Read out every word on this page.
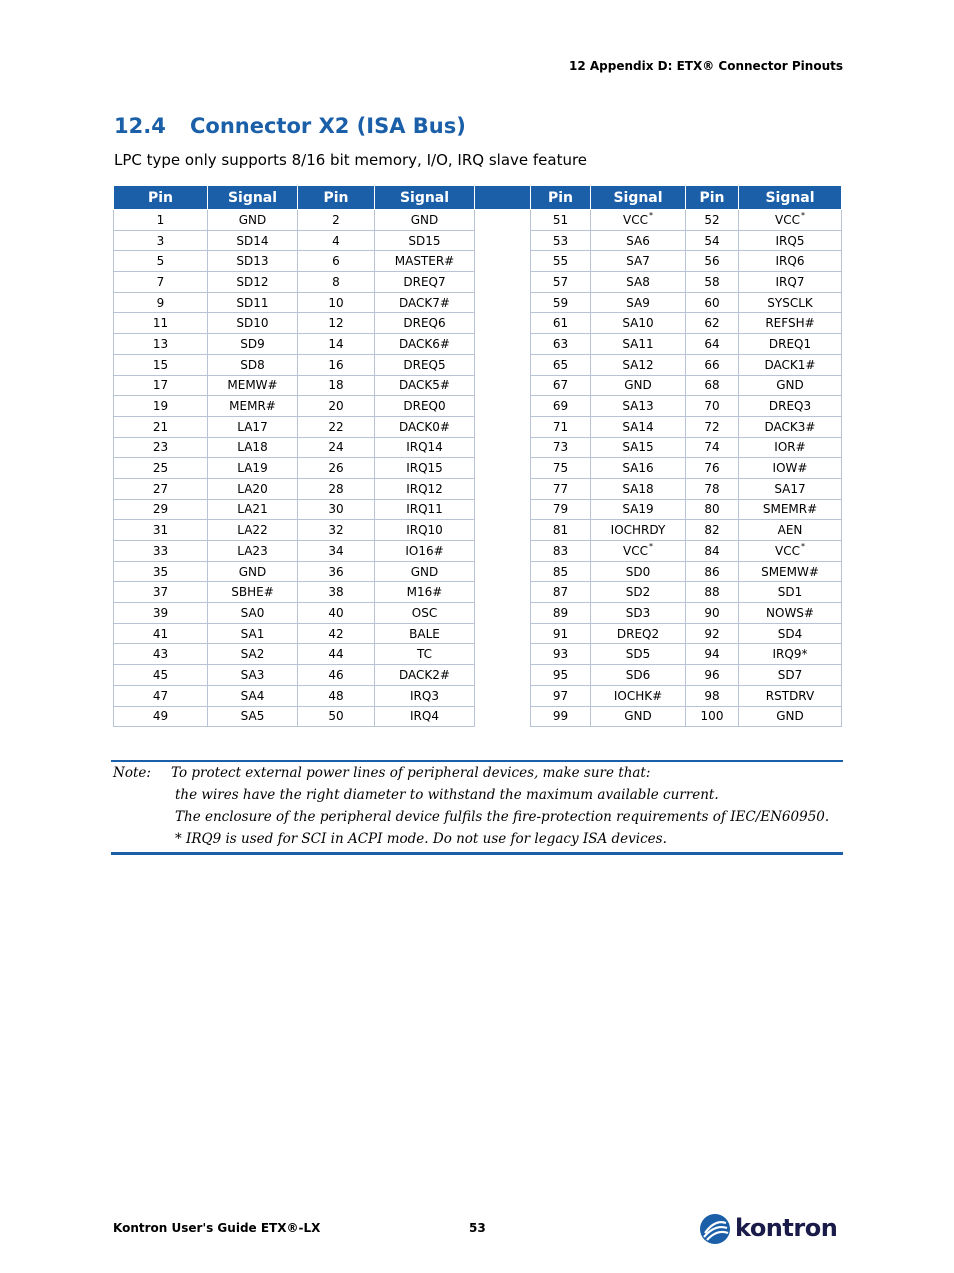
12 Appendix D: ETX® Connector Pinouts
12.4 Connector X2 (ISA Bus)
LPC type only supports 8/16 bit memory, I/O, IRQ slave feature
Pin	Signal	Pin	Signal		Pin	Signal	Pin	Signal
1	GND	2	GND		51	VCC*	52	VCC*
3	SD14	4	SD15		53	SA6	54	IRQ5
5	SD13	6	MASTER#		55	SA7	56	IRQ6
7	SD12	8	DREQ7		57	SA8	58	IRQ7
9	SD11	10	DACK7#		59	SA9	60	SYSCLK
11	SD10	12	DREQ6		61	SA10	62	REFSH#
13	SD9	14	DACK6#		63	SA11	64	DREQ1
15	SD8	16	DREQ5		65	SA12	66	DACK1#
17	MEMW#	18	DACK5#		67	GND	68	GND
19	MEMR#	20	DREQ0		69	SA13	70	DREQ3
21	LA17	22	DACK0#		71	SA14	72	DACK3#
23	LA18	24	IRQ14		73	SA15	74	IOR#
25	LA19	26	IRQ15		75	SA16	76	IOW#
27	LA20	28	IRQ12		77	SA18	78	SA17
29	LA21	30	IRQ11		79	SA19	80	SMEMR#
31	LA22	32	IRQ10		81	IOCHRDY	82	AEN
33	LA23	34	IO16#		83	VCC*	84	VCC*
35	GND	36	GND		85	SD0	86	SMEMW#
37	SBHE#	38	M16#		87	SD2	88	SD1
39	SA0	40	OSC		89	SD3	90	NOWS#
41	SA1	42	BALE		91	DREQ2	92	SD4
43	SA2	44	TC		93	SD5	94	IRQ9*
45	SA3	46	DACK2#		95	SD6	96	SD7
47	SA4	48	IRQ3		97	IOCHK#	98	RSTDRV
49	SA5	50	IRQ4		99	GND	100	GND
Note: To protect external power lines of peripheral devices, make sure that:
the wires have the right diameter to withstand the maximum available current.
The enclosure of the peripheral device fulfils the fire-protection requirements of IEC/EN60950.
* IRQ9 is used for SCI in ACPI mode. Do not use for legacy ISA devices.
Kontron User's Guide ETX®-LX	53	kontron
